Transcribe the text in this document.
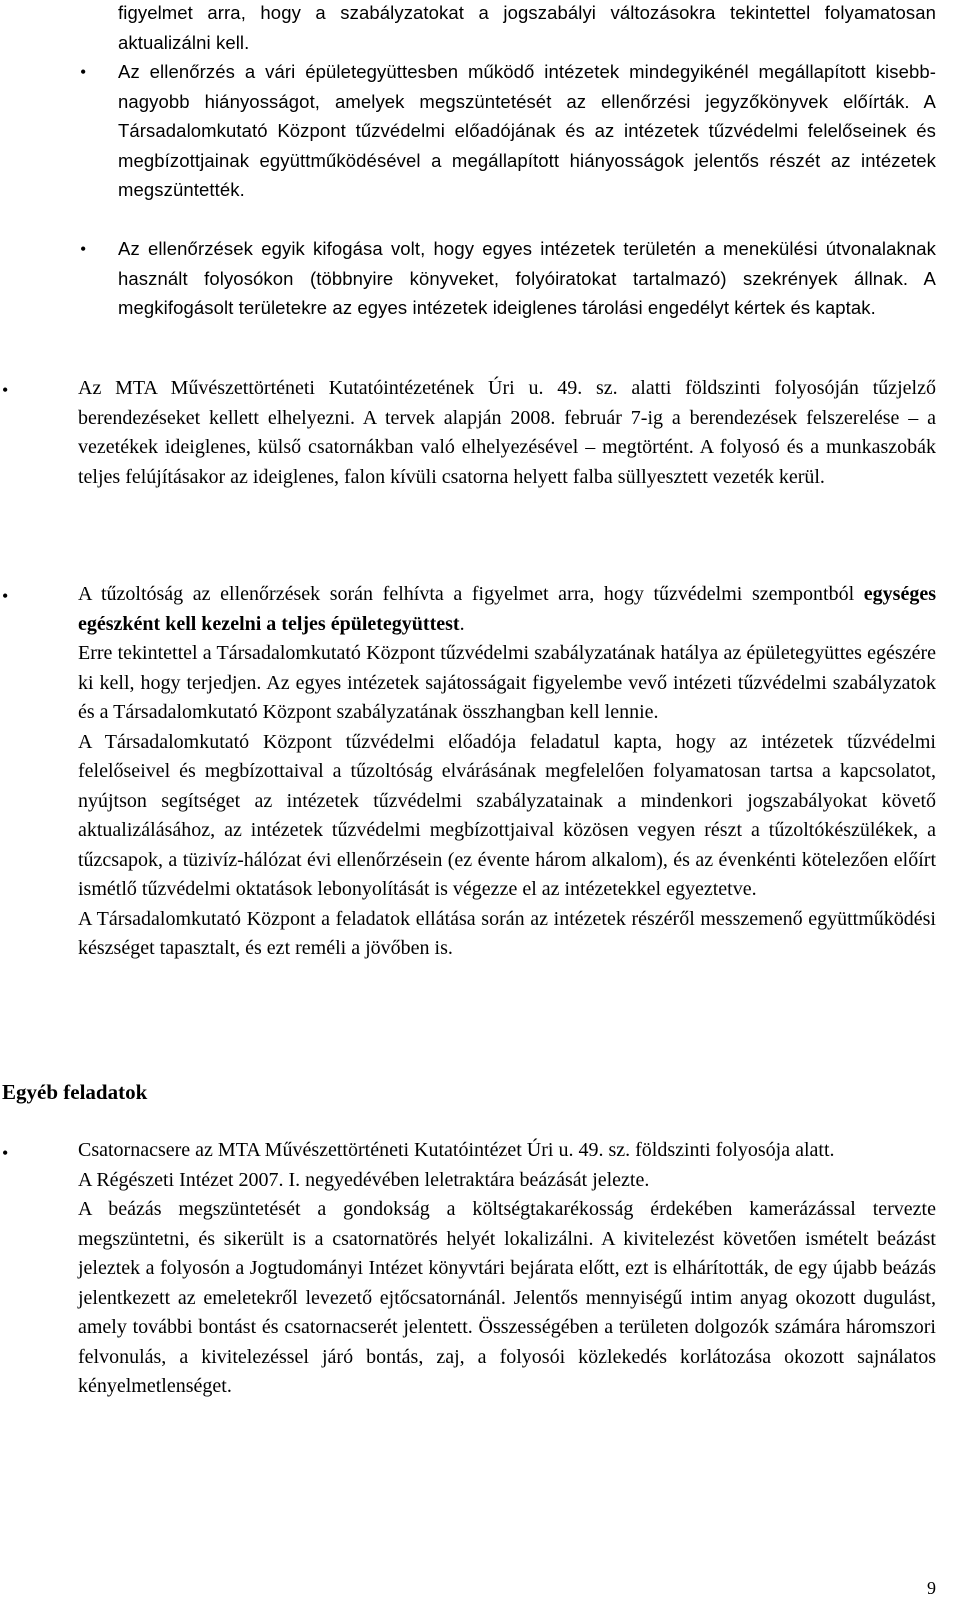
figyelmet arra, hogy a szabályzatokat a jogszabályi változásokra tekintettel folyamatosan aktualizálni kell.

• Az ellenőrzés a vári épületegyüttesben működő intézetek mindegyikénél megállapított kisebb-nagyobb hiányosságot, amelyek megszüntetését az ellenőrzési jegyzőkönyvek előírták. A Társadalomkutató Központ tűzvédelmi előadójának és az intézetek tűzvédelmi felelőseinek és megbízottjainak együttműködésével a megállapított hiányosságok jelentős részét az intézetek megszüntették.

• Az ellenőrzések egyik kifogása volt, hogy egyes intézetek területén a menekülési útvonalaknak használt folyosókon (többnyire könyveket, folyóiratokat tartalmazó) szekrények állnak. A megkifogásolt területekre az egyes intézetek ideiglenes tárolási engedélyt kértek és kaptak.

•	Az MTA Művészettörténeti Kutatóintézetének Úri u. 49. sz. alatti földszinti folyosóján tűzjelző berendezéseket kellett elhelyezni. A tervek alapján 2008. február 7-ig a berendezések felszerelése – a vezetékek ideiglenes, külső csatornákban való elhelyezésével – megtörtént. A folyosó és a munkaszobák teljes felújításakor az ideiglenes, falon kívüli csatorna helyett falba süllyesztett vezeték kerül.

•	A tűzoltóság az ellenőrzések során felhívta a figyelmet arra, hogy tűzvédelmi szempontból egységes egészként kell kezelni a teljes épületegyüttest.

Erre tekintettel a Társadalomkutató Központ tűzvédelmi szabályzatának hatálya az épületegyüttes egészére ki kell, hogy terjedjen. Az egyes intézetek sajátosságait figyelembe vevő intézeti tűzvédelmi szabályzatok és a Társadalomkutató Központ szabályzatának összhangban kell lennie.

A Társadalomkutató Központ tűzvédelmi előadója feladatul kapta, hogy az intézetek tűzvédelmi felelőseivel és megbízottaival a tűzoltóság elvárásának megfelelően folyamatosan tartsa a kapcsolatot, nyújtson segítséget az intézetek tűzvédelmi szabályzatainak a mindenkori jogszabályokat követő aktualizálásához, az intézetek tűzvédelmi megbízottjaival közösen vegyen részt a tűzoltókészülékek, a tűzcsapok, a tüzivíz-hálózat évi ellenőrzésein (ez évente három alkalom), és az évenkénti kötelezően előírt ismétlő tűzvédelmi oktatások lebonyolítását is végezze el az intézetekkel egyeztetve.

A Társadalomkutató Központ a feladatok ellátása során az intézetek részéről messzemenő együttműködési készséget tapasztalt, és ezt reméli a jövőben is.

Egyéb feladatok

•	Csatornacsere az MTA Művészettörténeti Kutatóintézet Úri u. 49. sz. földszinti folyosója alatt.

A Régészeti Intézet 2007. I. negyedévében leletraktára beázását jelezte.

A beázás megszüntetését a gondokság a költségtakarékosság érdekében kamerázással tervezte megszüntetni, és sikerült is a csatornatörés helyét lokalizálni. A kivitelezést követően ismételt beázást jeleztek a folyosón a Jogtudományi Intézet könyvtári bejárata előtt, ezt is elhárították, de egy újabb beázás jelentkezett az emeletekről levezető ejtőcsatornánál. Jelentős mennyiségű intim anyag okozott dugulást, amely további bontást és csatornacserét jelentett. Összességében a területen dolgozók számára háromszori felvonulás, a kivitelezéssel járó bontás, zaj, a folyosói közlekedés korlátozása okozott sajnálatos kényelmetlenséget.

9
